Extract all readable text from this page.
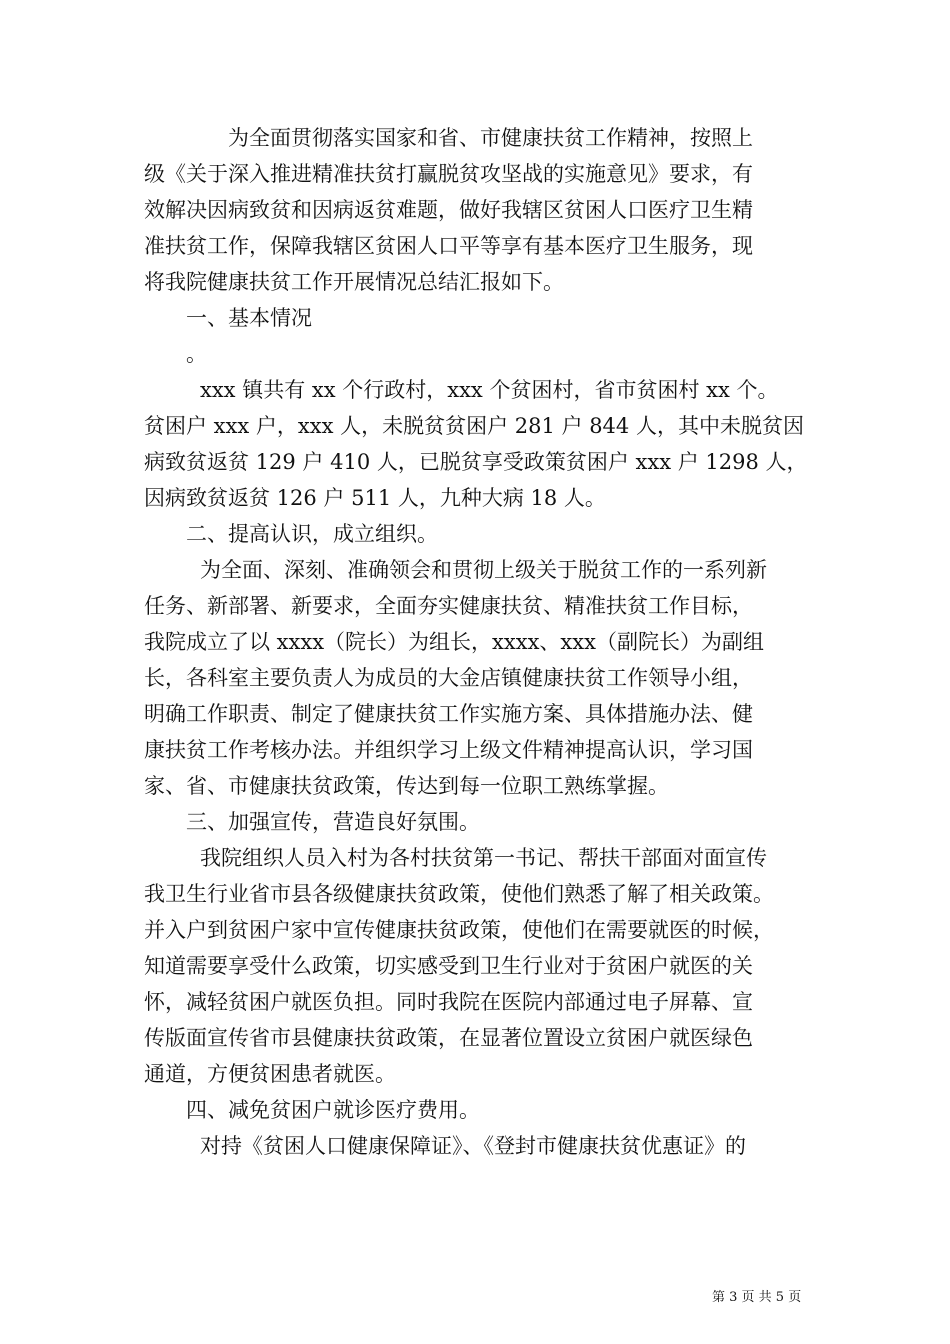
为全面贯彻落实国家和省、市健康扶贫工作精神，按照上

级《关于深入推进精准扶贫打赢脱贫攻坚战的实施意见》要求，有

效解决因病致贫和因病返贫难题，做好我辖区贫困人口医疗卫生精

准扶贫工作，保障我辖区贫困人口平等享有基本医疗卫生服务，现

将我院健康扶贫工作开展情况总结汇报如下。

一、基本情况

。

xxx 镇共有 xx 个行政村，xxx 个贫困村，省市贫困村 xx 个。

贫困户 xxx 户，xxx 人，未脱贫贫困户 281 户 844 人，其中未脱贫因

病致贫返贫 129 户 410 人，已脱贫享受政策贫困户 xxx 户 1298 人，

因病致贫返贫 126 户 511 人，九种大病 18 人。

二、提高认识，成立组织。

为全面、深刻、准确领会和贯彻上级关于脱贫工作的一系列新

任务、新部署、新要求，全面夯实健康扶贫、精准扶贫工作目标，

我院成立了以 xxxx（院长）为组长，xxxx、xxx（副院长）为副组

长，各科室主要负责人为成员的大金店镇健康扶贫工作领导小组，

明确工作职责、制定了健康扶贫工作实施方案、具体措施办法、健

康扶贫工作考核办法。并组织学习上级文件精神提高认识，学习国

家、省、市健康扶贫政策，传达到每一位职工熟练掌握。

三、加强宣传，营造良好氛围。

我院组织人员入村为各村扶贫第一书记、帮扶干部面对面宣传

我卫生行业省市县各级健康扶贫政策，使他们熟悉了解了相关政策。

并入户到贫困户家中宣传健康扶贫政策，使他们在需要就医的时候，

知道需要享受什么政策，切实感受到卫生行业对于贫困户就医的关

怀，减轻贫困户就医负担。同时我院在医院内部通过电子屏幕、宣

传版面宣传省市县健康扶贫政策，在显著位置设立贫困户就医绿色

通道，方便贫困患者就医。

四、减免贫困户就诊医疗费用。

对持《贫困人口健康保障证》、《登封市健康扶贫优惠证》的

第 3 页 共 5 页
